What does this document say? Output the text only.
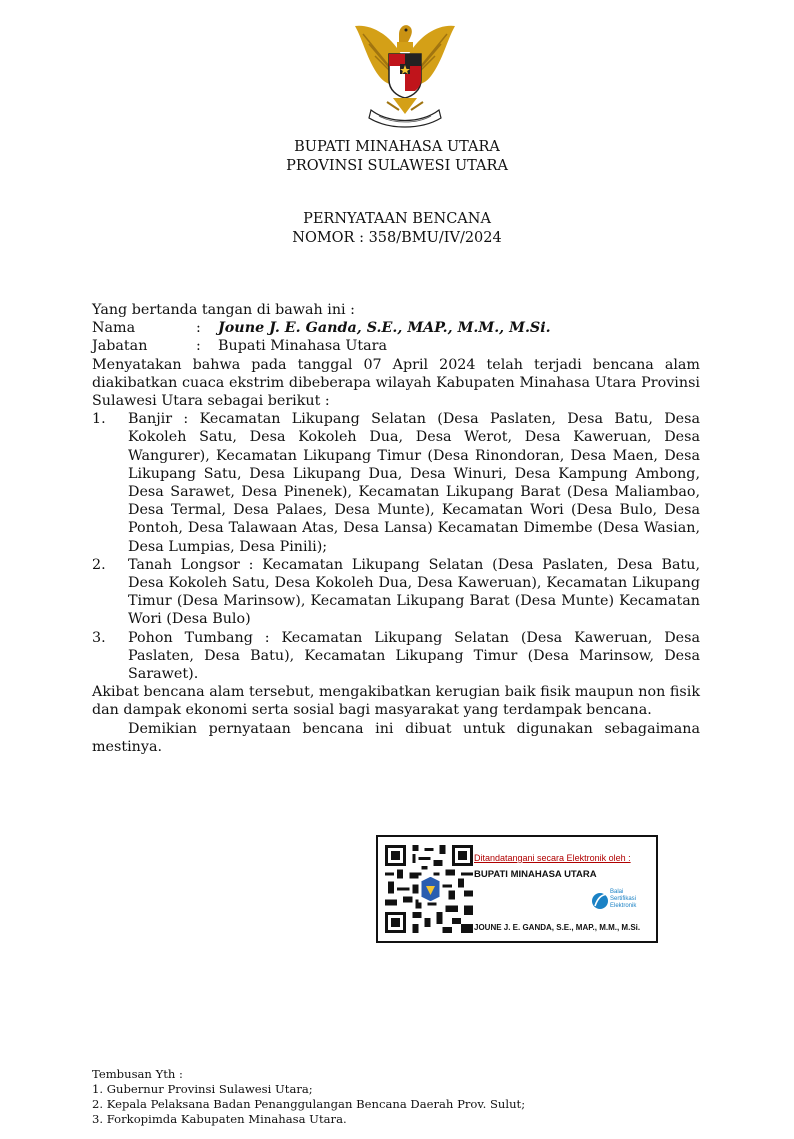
BUPATI MINAHASA UTARA
PROVINSI SULAWESI UTARA
PERNYATAAN BENCANA
NOMOR : 358/BMU/IV/2024
Yang bertanda tangan di bawah ini :
Nama	:	Joune J. E. Ganda, S.E., MAP., M.M., M.Si.
Jabatan	:	Bupati Minahasa Utara
Menyatakan bahwa pada tanggal 07 April 2024 telah terjadi bencana alam diakibatkan cuaca ekstrim dibeberapa wilayah Kabupaten Minahasa Utara Provinsi Sulawesi Utara sebagai berikut :
1.	Banjir : Kecamatan Likupang Selatan (Desa Paslaten, Desa Batu, Desa Kokoleh Satu, Desa Kokoleh Dua, Desa Werot, Desa Kaweruan, Desa Wangurer), Kecamatan Likupang Timur (Desa Rinondoran, Desa Maen, Desa Likupang Satu, Desa Likupang Dua, Desa Winuri, Desa Kampung Ambong, Desa Sarawet, Desa Pinenek), Kecamatan Likupang Barat (Desa Maliambao, Desa Termal, Desa Palaes, Desa Munte), Kecamatan Wori (Desa Bulo, Desa Pontoh, Desa Talawaan Atas, Desa Lansa) Kecamatan Dimembe (Desa Wasian, Desa Lumpias, Desa Pinili);
2.	Tanah Longsor : Kecamatan Likupang Selatan (Desa Paslaten, Desa Batu, Desa Kokoleh Satu, Desa Kokoleh Dua, Desa Kaweruan), Kecamatan Likupang Timur (Desa Marinsow), Kecamatan Likupang Barat (Desa Munte) Kecamatan Wori (Desa Bulo)
3.	Pohon Tumbang : Kecamatan Likupang Selatan (Desa Kaweruan, Desa Paslaten, Desa Batu), Kecamatan Likupang Timur (Desa Marinsow, Desa Sarawet).
Akibat bencana alam tersebut, mengakibatkan kerugian baik fisik maupun non fisik dan dampak ekonomi serta sosial bagi masyarakat yang terdampak bencana.
Demikian pernyataan bencana ini dibuat untuk digunakan sebagaimana mestinya.
Ditandatangani secara Elektronik oleh :
BUPATI MINAHASA UTARA
Balai
Sertifikasi
Elektronik
JOUNE J. E. GANDA, S.E., MAP., M.M., M.Si.
Tembusan Yth :
1. Gubernur Provinsi Sulawesi Utara;
2. Kepala Pelaksana Badan Penanggulangan Bencana Daerah Prov. Sulut;
3. Forkopimda Kabupaten Minahasa Utara.
